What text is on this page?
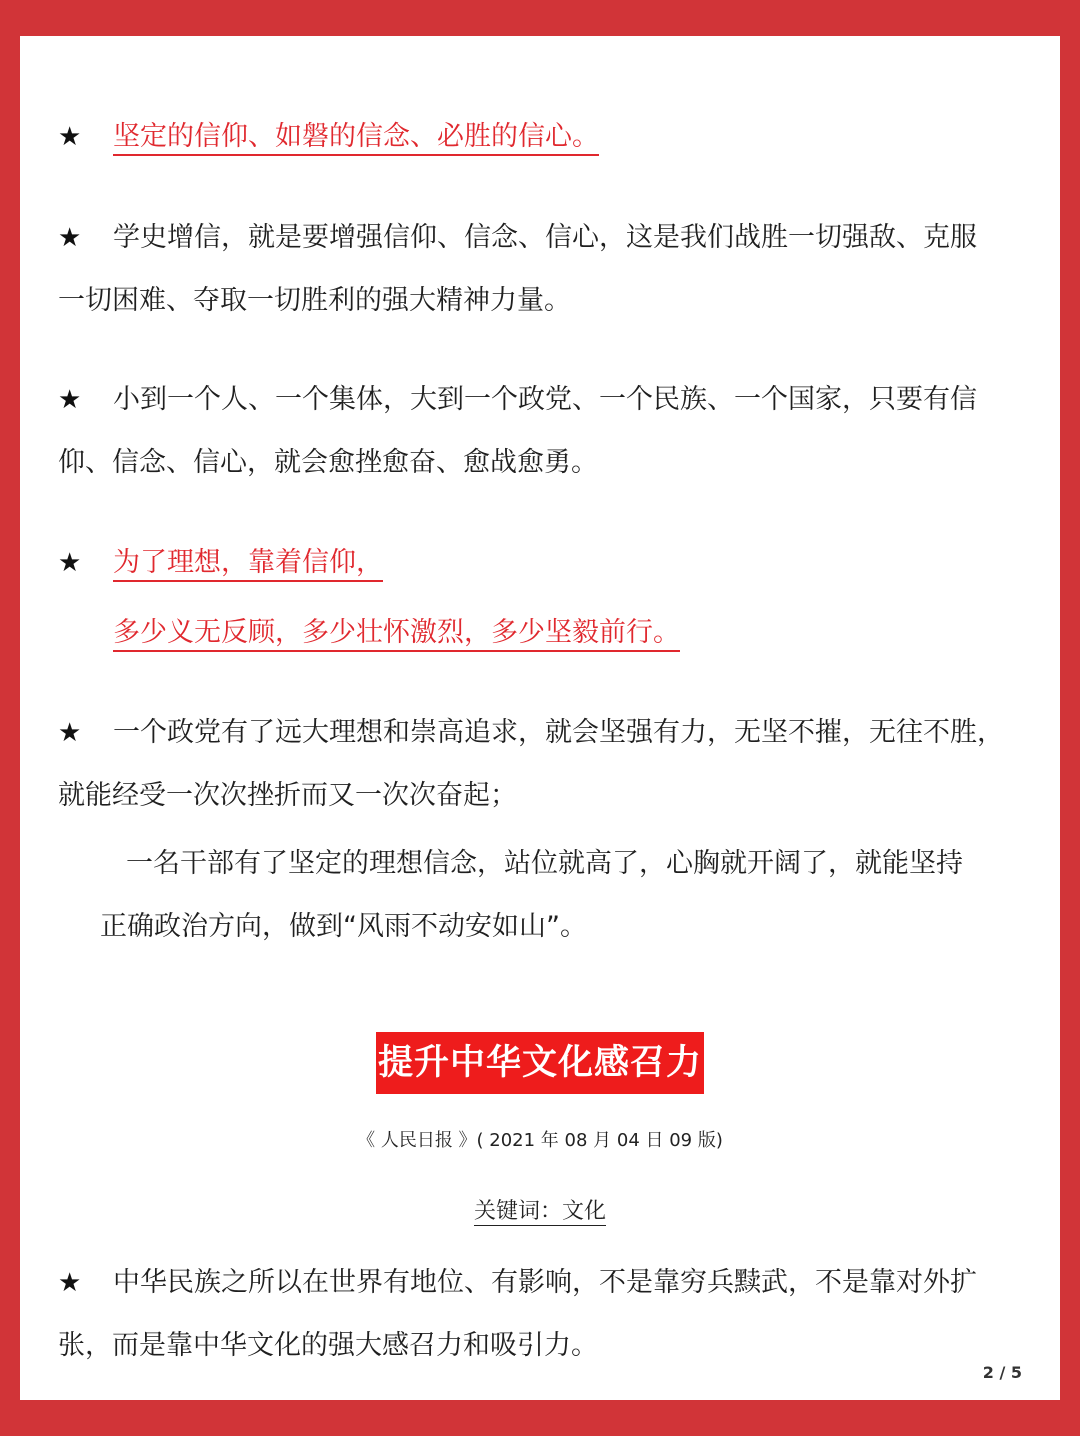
★ 坚定的信仰、如磐的信念、必胜的信心。
★ 学史增信，就是要增强信仰、信念、信心，这是我们战胜一切强敌、克服
一切困难、夺取一切胜利的强大精神力量。
★ 小到一个人、一个集体，大到一个政党、一个民族、一个国家，只要有信
仰、信念、信心，就会愈挫愈奋、愈战愈勇。
★ 为了理想，靠着信仰，
多少义无反顾，多少壮怀激烈，多少坚毅前行。
★ 一个政党有了远大理想和崇高追求，就会坚强有力，无坚不摧，无往不胜，
就能经受一次次挫折而又一次次奋起；
一名干部有了坚定的理想信念，站位就高了，心胸就开阔了，就能坚持
正确政治方向，做到“风雨不动安如山”。
提升中华文化感召力
《 人民日报 》( 2021 年 08 月 04 日 09 版)
关键词：文化
★ 中华民族之所以在世界有地位、有影响，不是靠穷兵黩武，不是靠对外扩
张，而是靠中华文化的强大感召力和吸引力。
2 / 5
